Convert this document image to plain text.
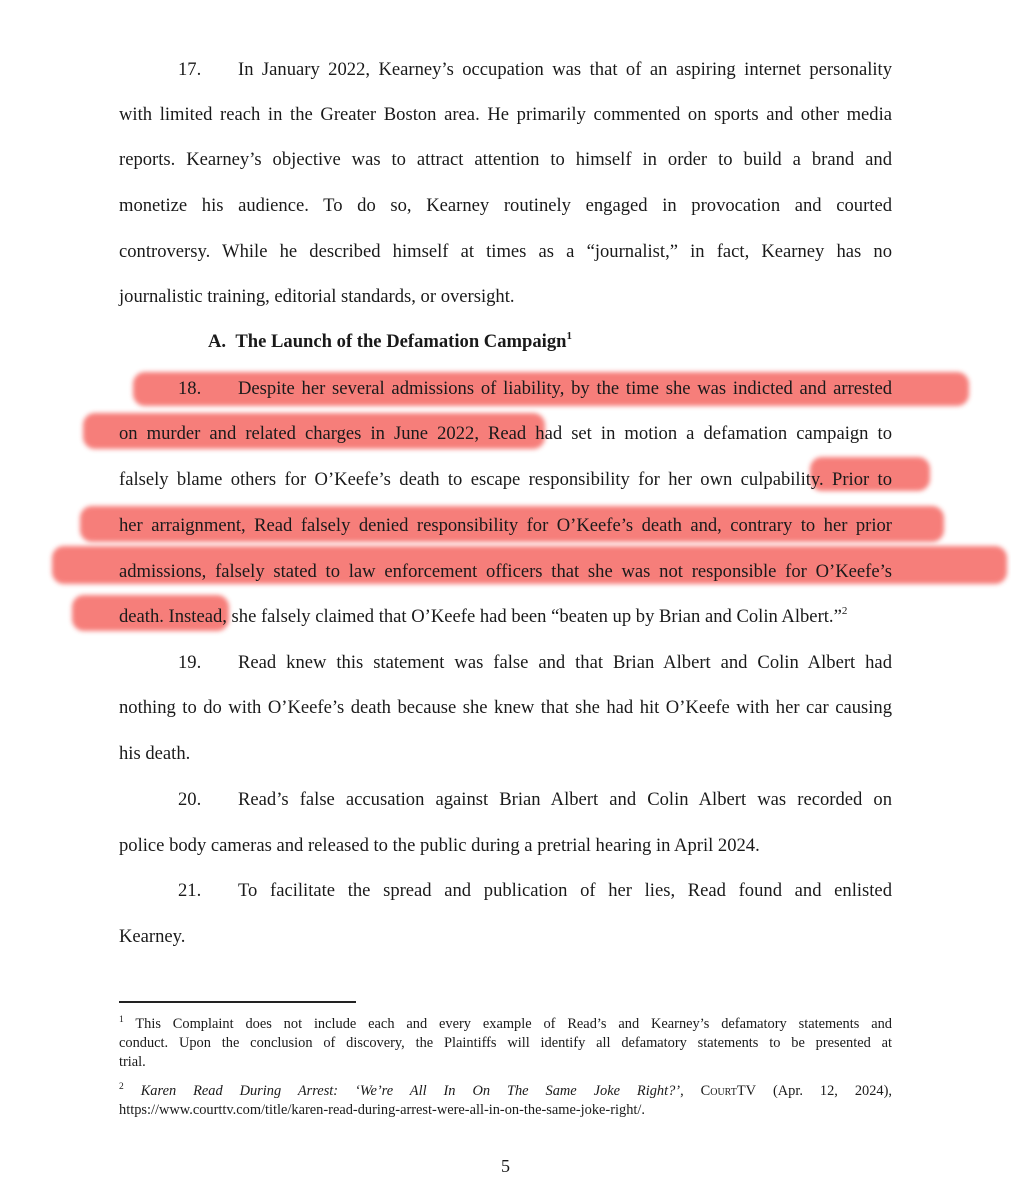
17.	In January 2022, Kearney’s occupation was that of an aspiring internet personality
with limited reach in the Greater Boston area. He primarily commented on sports and other media
reports. Kearney’s objective was to attract attention to himself in order to build a brand and
monetize his audience. To do so, Kearney routinely engaged in provocation and courted
controversy. While he described himself at times as a “journalist,” in fact, Kearney has no
journalistic training, editorial standards, or oversight.
A. The Launch of the Defamation Campaign$^1$
18.	Despite her several admissions of liability, by the time she was indicted and arrested
on murder and related charges in June 2022, Read had set in motion a defamation campaign to
falsely blame others for O’Keefe’s death to escape responsibility for her own culpability. Prior to
her arraignment, Read falsely denied responsibility for O’Keefe’s death and, contrary to her prior
admissions, falsely stated to law enforcement officers that she was not responsible for O’Keefe’s
death. Instead, she falsely claimed that O’Keefe had been “beaten up by Brian and Colin Albert.”$^2$
19.	Read knew this statement was false and that Brian Albert and Colin Albert had
nothing to do with O’Keefe’s death because she knew that she had hit O’Keefe with her car causing
his death.
20.	Read’s false accusation against Brian Albert and Colin Albert was recorded on
police body cameras and released to the public during a pretrial hearing in April 2024.
21.	To facilitate the spread and publication of her lies, Read found and enlisted
Kearney.
$^1$ This Complaint does not include each and every example of Read’s and Kearney’s defamatory statements and
conduct. Upon the conclusion of discovery, the Plaintiffs will identify all defamatory statements to be presented at
trial.
$^2$ Karen Read During Arrest: ‘We’re All In On The Same Joke Right?’, CourtTV (Apr. 12, 2024),
https://www.courttv.com/title/karen-read-during-arrest-were-all-in-on-the-same-joke-right/.
5
